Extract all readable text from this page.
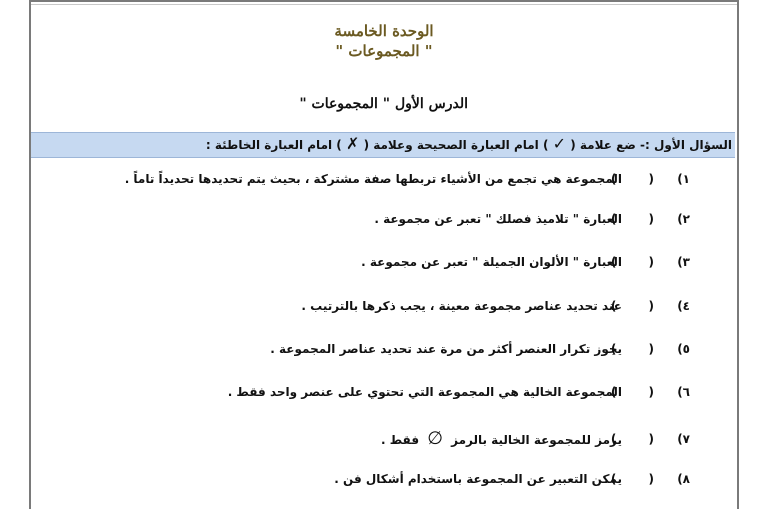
الوحدة الخامسة
" المجموعات "
الدرس الأول " المجموعات "
السؤال الأول :- ضع علامة ( ✓ ) امام العبارة الصحيحة وعلامة ( ✗ ) امام العبارة الخاطئة :
١)
( )
المجموعة هي تجمع من الأشياء تربطها صفة مشتركة ، بحيث يتم تحديدها تحديداً تاماً .
٢)
( )
العبارة " تلاميذ فصلك " تعبر عن مجموعة .
٣)
( )
العبارة " الألوان الجميلة " تعبر عن مجموعة .
٤)
( )
عند تحديد عناصر مجموعة معينة ، يجب ذكرها بالترتيب .
٥)
( )
يجوز تكرار العنصر أكثر من مرة عند تحديد عناصر المجموعة .
٦)
( )
المجموعة الخالية هي المجموعة التي تحتوي على عنصر واحد فقط .
٧)
( )
يرمز للمجموعة الخالية بالرمز ∅ فقط .
٨)
( )
يمكن التعبير عن المجموعة باستخدام أشكال فن .
